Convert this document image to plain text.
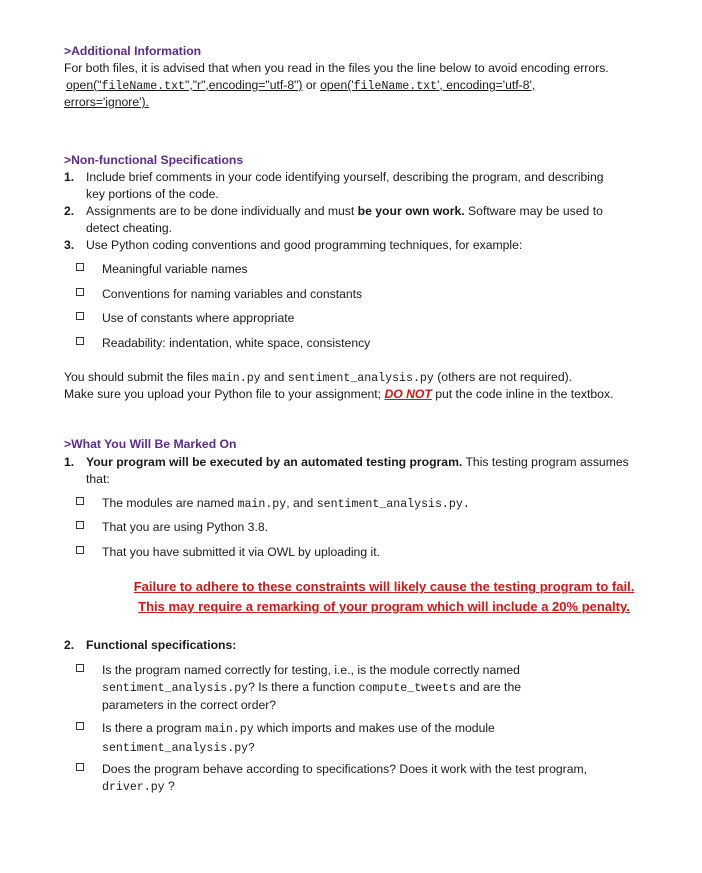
>Additional Information
For both files, it is advised that when you read in the files you the line below to avoid encoding errors.
open("fileName.txt","r",encoding="utf-8") or open('fileName.txt', encoding='utf-8',
errors='ignore').
>Non-functional Specifications
1. Include brief comments in your code identifying yourself, describing the program, and describing
key portions of the code.
2. Assignments are to be done individually and must be your own work. Software may be used to
detect cheating.
3. Use Python coding conventions and good programming techniques, for example:
Meaningful variable names
Conventions for naming variables and constants
Use of constants where appropriate
Readability: indentation, white space, consistency
You should submit the files main.py and sentiment_analysis.py (others are not required).
Make sure you upload your Python file to your assignment; DO NOT put the code inline in the textbox.
>What You Will Be Marked On
1. Your program will be executed by an automated testing program. This testing program assumes
that:
The modules are named main.py, and sentiment_analysis.py.
That you are using Python 3.8.
That you have submitted it via OWL by uploading it.
Failure to adhere to these constraints will likely cause the testing program to fail.
This may require a remarking of your program which will include a 20% penalty.
2. Functional specifications:
Is the program named correctly for testing, i.e., is the module correctly named
sentiment_analysis.py? Is there a function compute_tweets and are the
parameters in the correct order?
Is there a program main.py which imports and makes use of the module
sentiment_analysis.py?
Does the program behave according to specifications? Does it work with the test program,
driver.py ?
